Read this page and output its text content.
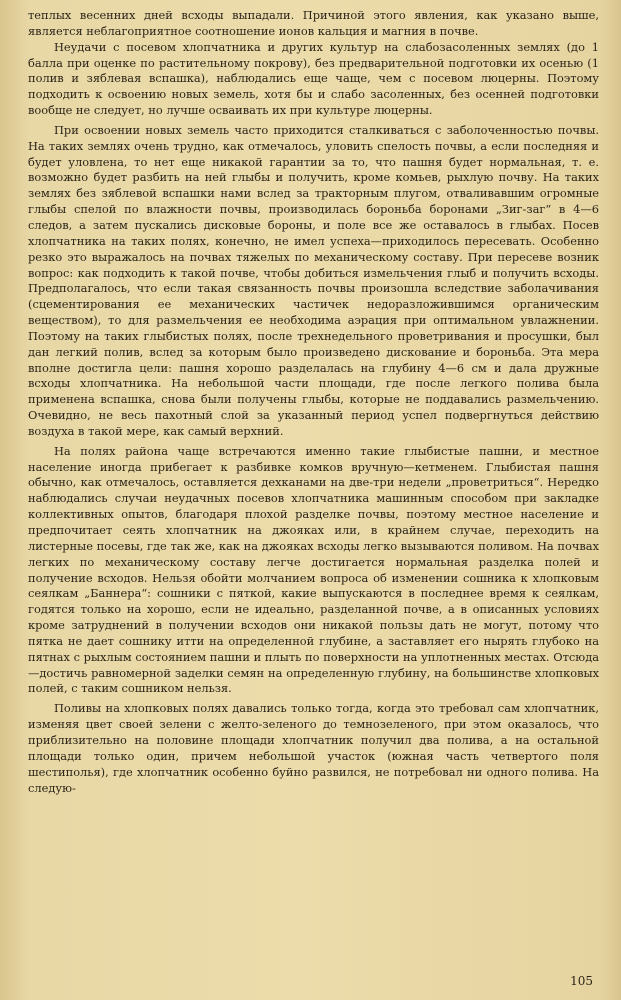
теплых весенних дней всходы выпадали. Причиной этого явления, как указано выше, является неблагоприятное соотношение ионов кальция и магния в почве.

Неудачи с посевом хлопчатника и других культур на слабозасоленных землях (до 1 балла при оценке по растительному покрову), без предварительной подготовки их осенью (1 полив и зяблевая вспашка), наблюдались еще чаще, чем с посевом люцерны. Поэтому подходить к освоению новых земель, хотя бы и слабо засоленных, без осенней подготовки вообще не следует, но лучше осваивать их при культуре люцерны.

При освоении новых земель часто приходится сталкиваться с заболоченностью почвы. На таких землях очень трудно, как отмечалось, уловить спелость почвы, а если последняя и будет уловлена, то нет еще никакой гарантии за то, что пашня будет нормальная, т. е. возможно будет разбить на ней глыбы и получить, кроме комьев, рыхлую почву. На таких землях без зяблевой вспашки нами вслед за тракторным плугом, отваливавшим огромные глыбы спелой по влажности почвы, производилась бороньба боронами „Зиг-заг“ в 4—6 следов, а затем пускались дисковые бороны, и поле все же оставалось в глыбах. Посев хлопчатника на таких полях, конечно, не имел успеха—приходилось пересевать. Особенно резко это выражалось на почвах тяжелых по механическому составу. При пересеве возник вопрос: как подходить к такой почве, чтобы добиться измельчения глыб и получить всходы. Предполагалось, что если такая связанность почвы произошла вследствие заболачивания (сцементирования ее механических частичек недоразложившимся органическим веществом), то для размельчения ее необходима аэрация при оптимальном увлажнении. Поэтому на таких глыбистых полях, после трехнедельного проветривания и просушки, был дан легкий полив, вслед за которым было произведено дискование и бороньба. Эта мера вполне достигла цели: пашня хорошо разделалась на глубину 4—6 см и дала дружные всходы хлопчатника. На небольшой части площади, где после легкого полива была применена вспашка, снова были получены глыбы, которые не поддавались размельчению. Очевидно, не весь пахотный слой за указанный период успел подвергнуться действию воздуха в такой мере, как самый верхний.

На полях района чаще встречаются именно такие глыбистые пашни, и местное население иногда прибегает к разбивке комков вручную—кетменем. Глыбистая пашня обычно, как отмечалось, оставляется дехканами на две-три недели „проветриться“. Нередко наблюдались случаи неудачных посевов хлопчатника машинным способом при закладке коллективных опытов, благодаря плохой разделке почвы, поэтому местное население и предпочитает сеять хлопчатник на джояках или, в крайнем случае, переходить на листерные посевы, где так же, как на джояках всходы легко вызываются поливом. На почвах легких по механическому составу легче достигается нормальная разделка полей и получение всходов. Нельзя обойти молчанием вопроса об изменении сошника к хлопковым сеялкам „Баннера“: сошники с пяткой, какие выпускаются в последнее время к сеялкам, годятся только на хорошо, если не идеально, разделанной почве, а в описанных условиях кроме затруднений в получении всходов они никакой пользы дать не могут, потому что пятка не дает сошнику итти на определенной глубине, а заставляет его нырять глубоко на пятнах с рыхлым состоянием пашни и плыть по поверхности на уплотненных местах. Отсюда—достичь равномерной заделки семян на определенную глубину, на большинстве хлопковых полей, с таким сошником нельзя.

Поливы на хлопковых полях давались только тогда, когда это требовал сам хлопчатник, изменяя цвет своей зелени с желто-зеленого до темнозеленого, при этом оказалось, что приблизительно на половине площади хлопчатник получил два полива, а на остальной площади только один, причем небольшой участок (южная часть четвертого поля шестиполья), где хлопчатник особенно буйно развился, не потребовал ни одного полива. На следую-

105
